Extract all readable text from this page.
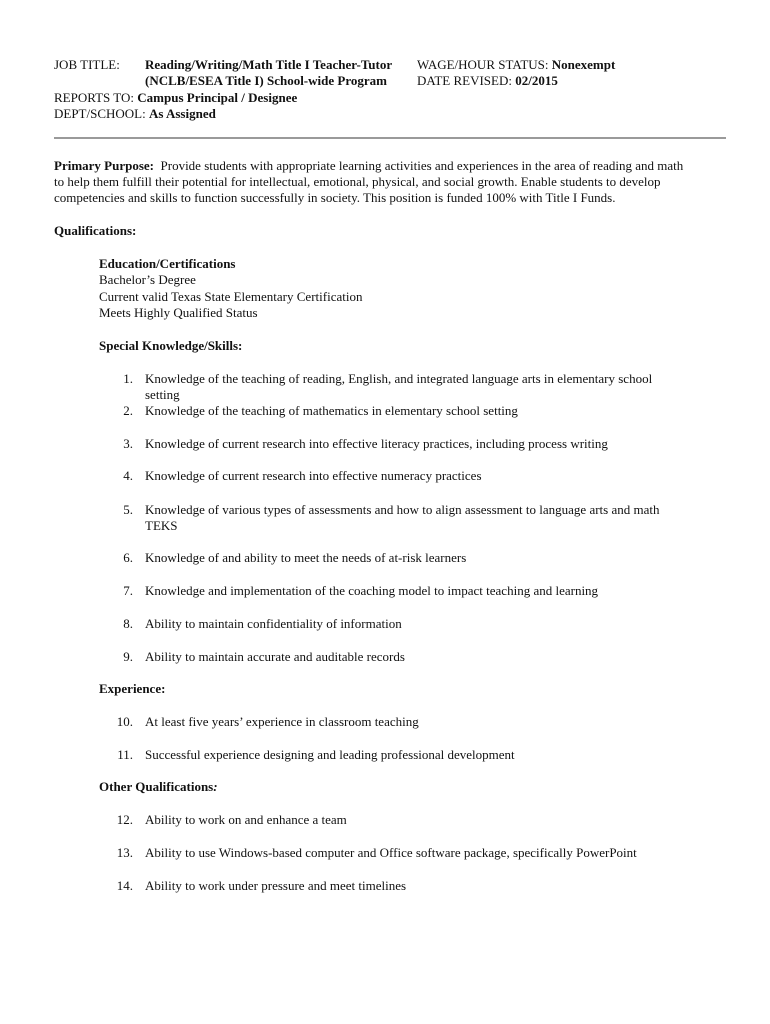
JOB TITLE: Reading/Writing/Math Title I Teacher-Tutor WAGE/HOUR STATUS: Nonexempt
(NCLB/ESEA Title I) School-wide Program DATE REVISED: 02/2015
REPORTS TO: Campus Principal / Designee
DEPT/SCHOOL: As Assigned
Primary Purpose: Provide students with appropriate learning activities and experiences in the area of reading and math
to help them fulfill their potential for intellectual, emotional, physical, and social growth. Enable students to develop
competencies and skills to function successfully in society. This position is funded 100% with Title I Funds.
Qualifications:
Education/Certifications
Bachelor’s Degree
Current valid Texas State Elementary Certification
Meets Highly Qualified Status
Special Knowledge/Skills:
1. Knowledge of the teaching of reading, English, and integrated language arts in elementary school
setting
2. Knowledge of the teaching of mathematics in elementary school setting
3. Knowledge of current research into effective literacy practices, including process writing
4. Knowledge of current research into effective numeracy practices
5. Knowledge of various types of assessments and how to align assessment to language arts and math
TEKS
6. Knowledge of and ability to meet the needs of at-risk learners
7. Knowledge and implementation of the coaching model to impact teaching and learning
8. Ability to maintain confidentiality of information
9. Ability to maintain accurate and auditable records
Experience:
10. At least five years’ experience in classroom teaching
11. Successful experience designing and leading professional development
Other Qualifications:
12. Ability to work on and enhance a team
13. Ability to use Windows-based computer and Office software package, specifically PowerPoint
14. Ability to work under pressure and meet timelines
